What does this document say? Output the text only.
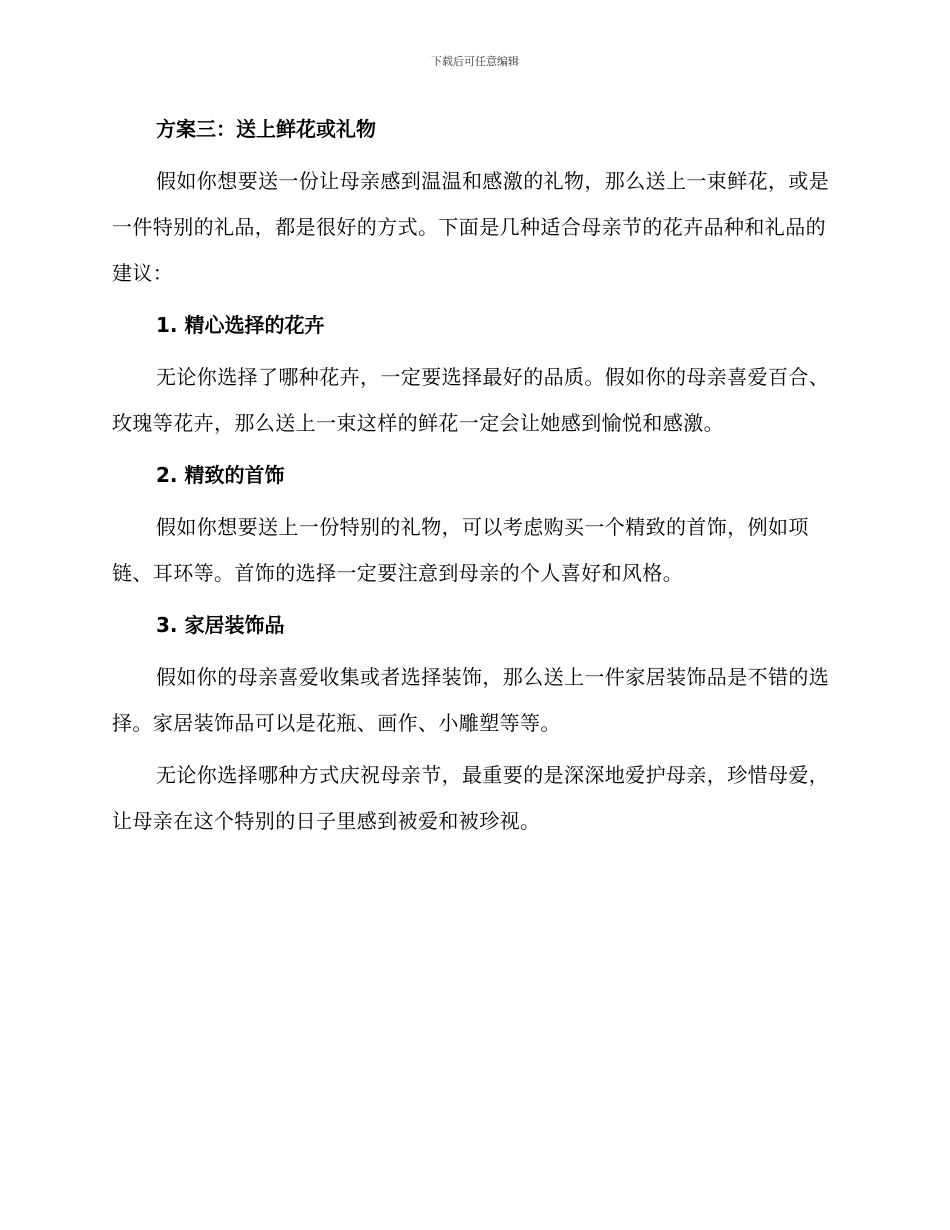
下载后可任意编辑
方案三：送上鲜花或礼物

假如你想要送一份让母亲感到温温和感激的礼物，那么送上一束鲜花，或是一件特别的礼品，都是很好的方式。下面是几种适合母亲节的花卉品种和礼品的建议：

1. 精心选择的花卉

无论你选择了哪种花卉，一定要选择最好的品质。假如你的母亲喜爱百合、玫瑰等花卉，那么送上一束这样的鲜花一定会让她感到愉悦和感激。

2. 精致的首饰

假如你想要送上一份特别的礼物，可以考虑购买一个精致的首饰，例如项链、耳环等。首饰的选择一定要注意到母亲的个人喜好和风格。

3. 家居装饰品

假如你的母亲喜爱收集或者选择装饰，那么送上一件家居装饰品是不错的选择。家居装饰品可以是花瓶、画作、小雕塑等等。

无论你选择哪种方式庆祝母亲节，最重要的是深深地爱护母亲，珍惜母爱，让母亲在这个特别的日子里感到被爱和被珍视。
